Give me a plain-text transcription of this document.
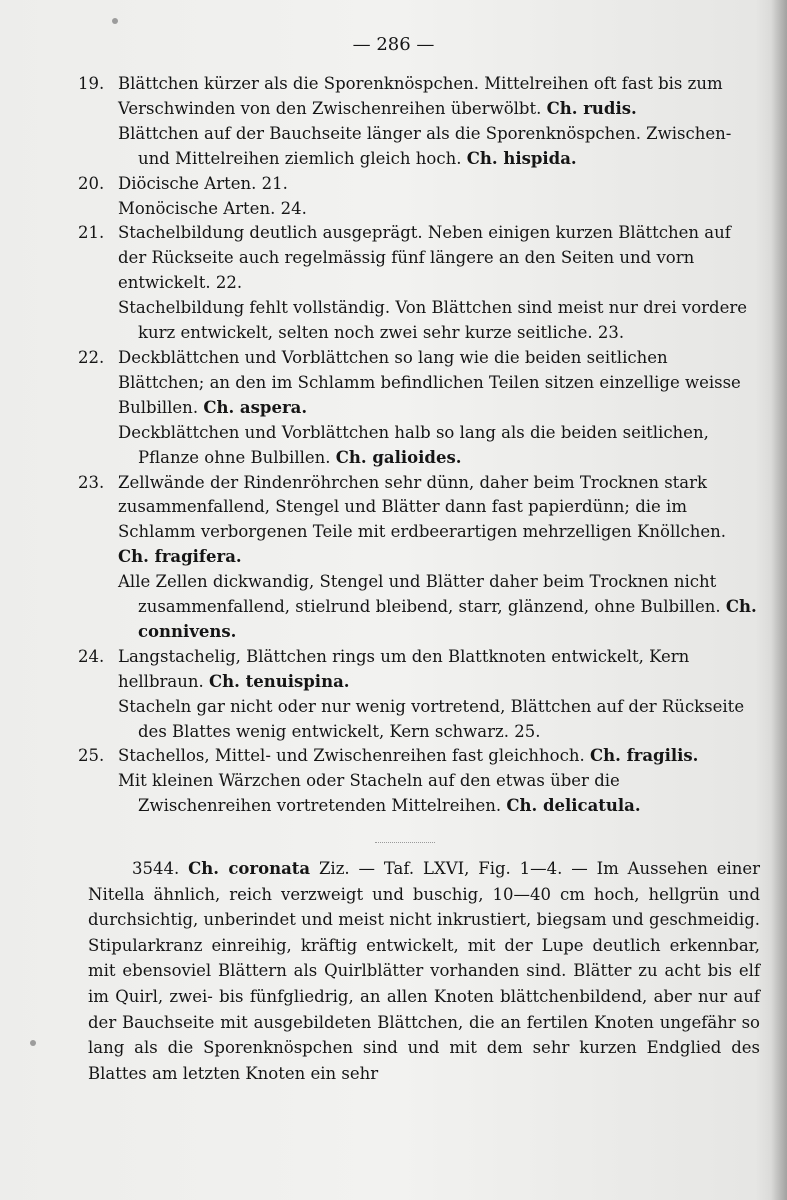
— 286 —
19. Blättchen kürzer als die Sporenknöspchen. Mittelreihen oft fast bis zum Verschwinden von den Zwischenreihen überwölbt. Ch. rudis.
Blättchen auf der Bauchseite länger als die Sporenknöspchen. Zwischen- und Mittelreihen ziemlich gleich hoch. Ch. hispida.
20. Diöcische Arten. 21.
Monöcische Arten. 24.
21. Stachelbildung deutlich ausgeprägt. Neben einigen kurzen Blättchen auf der Rückseite auch regelmässig fünf längere an den Seiten und vorn entwickelt. 22.
Stachelbildung fehlt vollständig. Von Blättchen sind meist nur drei vordere kurz entwickelt, selten noch zwei sehr kurze seitliche. 23.
22. Deckblättchen und Vorblättchen so lang wie die beiden seitlichen Blättchen; an den im Schlamm befindlichen Teilen sitzen einzellige weisse Bulbillen. Ch. aspera.
Deckblättchen und Vorblättchen halb so lang als die beiden seitlichen, Pflanze ohne Bulbillen. Ch. galioides.
23. Zellwände der Rindenröhrchen sehr dünn, daher beim Trocknen stark zusammenfallend, Stengel und Blätter dann fast papierdünn; die im Schlamm verborgenen Teile mit erdbeerartigen mehrzelligen Knöllchen. Ch. fragifera.
Alle Zellen dickwandig, Stengel und Blätter daher beim Trocknen nicht zusammenfallend, stielrund bleibend, starr, glänzend, ohne Bulbillen. Ch. connivens.
24. Langstachelig, Blättchen rings um den Blattknoten entwickelt, Kern hellbraun. Ch. tenuispina.
Stacheln gar nicht oder nur wenig vortretend, Blättchen auf der Rückseite des Blattes wenig entwickelt, Kern schwarz. 25.
25. Stachellos, Mittel- und Zwischenreihen fast gleichhoch. Ch. fragilis.
Mit kleinen Wärzchen oder Stacheln auf den etwas über die Zwischenreihen vortretenden Mittelreihen. Ch. delicatula.
3544. Ch. coronata Ziz. — Taf. LXVI, Fig. 1—4. — Im Aussehen einer Nitella ähnlich, reich verzweigt und buschig, 10—40 cm hoch, hellgrün und durchsichtig, unberindet und meist nicht inkrustiert, biegsam und geschmeidig. Stipularkranz einreihig, kräftig entwickelt, mit der Lupe deutlich erkennbar, mit ebensoviel Blättern als Quirlblätter vorhanden sind. Blätter zu acht bis elf im Quirl, zwei- bis fünfgliedrig, an allen Knoten blättchenbildend, aber nur auf der Bauchseite mit ausgebildeten Blättchen, die an fertilen Knoten ungefähr so lang als die Sporenknöspchen sind und mit dem sehr kurzen Endglied des Blattes am letzten Knoten ein sehr
